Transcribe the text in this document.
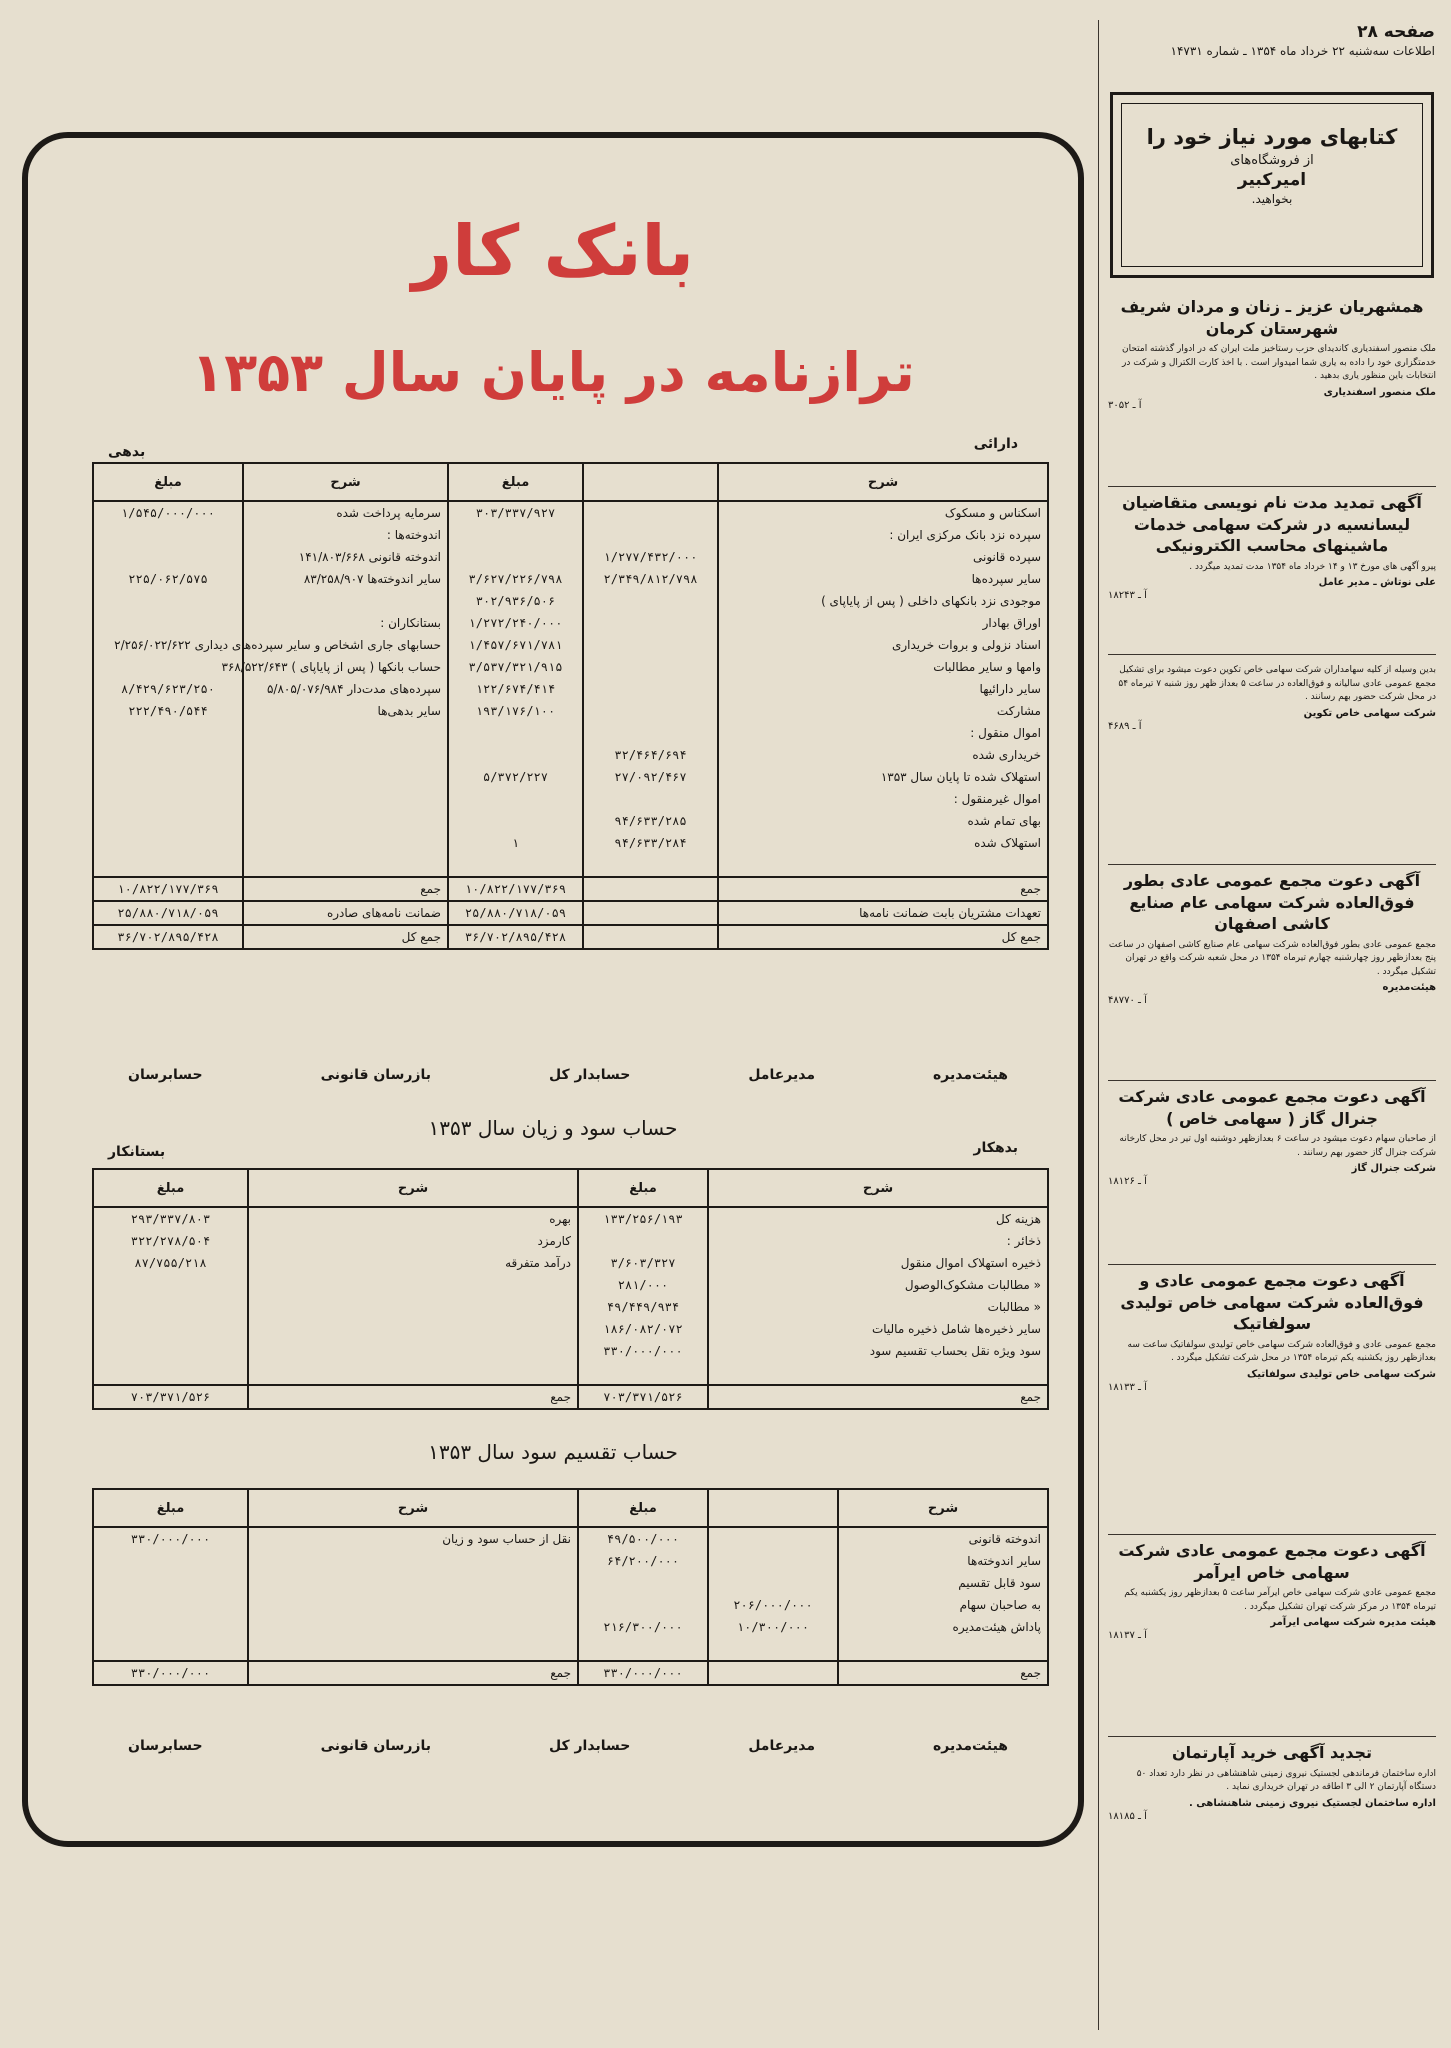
صفحه ۲۸
اطلاعات سه‌شنبه ۲۲ خرداد ماه ۱۳۵۴ ـ شماره ۱۴۷۳۱
بانک کار
ترازنامه در پایان سال ۱۳۵۳
دارائی
بدهی
شرح		مبلغ	شرح	مبلغ
اسکناس و مسکوک		۳۰۳/۳۳۷/۹۲۷	سرمایه پرداخت شده	۱/۵۴۵/۰۰۰/۰۰۰
سپرده نزد بانک مرکزی ایران :			اندوخته‌ها :	
سپرده قانونی	۱/۲۷۷/۴۳۲/۰۰۰		اندوخته قانونی ۱۴۱/۸۰۳/۶۶۸	
سایر سپرده‌ها	۲/۳۴۹/۸۱۲/۷۹۸	۳/۶۲۷/۲۲۶/۷۹۸	سایر اندوخته‌ها ۸۳/۲۵۸/۹۰۷	۲۲۵/۰۶۲/۵۷۵
موجودی نزد بانکهای داخلی ( پس از پایاپای )		۳۰۲/۹۳۶/۵۰۶		
اوراق بهادار		۱/۲۷۲/۲۴۰/۰۰۰	بستانکاران :	
اسناد نزولی و بروات خریداری		۱/۴۵۷/۶۷۱/۷۸۱	حسابهای جاری اشخاص و سایر سپرده‌های دیداری ۲/۲۵۶/۰۲۲/۶۲۲	
وامها و سایر مطالبات		۳/۵۳۷/۳۲۱/۹۱۵	حساب بانکها ( پس از پایاپای ) ۳۶۸/۵۲۲/۶۴۳	
سایر دارائیها		۱۲۲/۶۷۴/۴۱۴	سپرده‌های مدت‌دار ۵/۸۰۵/۰۷۶/۹۸۴	۸/۴۲۹/۶۲۳/۲۵۰
مشارکت		۱۹۳/۱۷۶/۱۰۰	سایر بدهی‌ها	۲۲۲/۴۹۰/۵۴۴
اموال منقول :				
خریداری شده	۳۲/۴۶۴/۶۹۴			
استهلاک شده تا پایان سال ۱۳۵۳	۲۷/۰۹۲/۴۶۷	۵/۳۷۲/۲۲۷		
اموال غیرمنقول :				
بهای تمام شده	۹۴/۶۳۳/۲۸۵			
استهلاک شده	۹۴/۶۳۳/۲۸۴	۱		

جمع		۱۰/۸۲۲/۱۷۷/۳۶۹	جمع	۱۰/۸۲۲/۱۷۷/۳۶۹
تعهدات مشتریان بابت ضمانت نامه‌ها		۲۵/۸۸۰/۷۱۸/۰۵۹	ضمانت نامه‌های صادره	۲۵/۸۸۰/۷۱۸/۰۵۹
جمع کل		۳۶/۷۰۲/۸۹۵/۴۲۸	جمع کل	۳۶/۷۰۲/۸۹۵/۴۲۸
هیئت‌مدیره
مدیرعامل
حسابدار کل
بازرسان قانونی
حسابرسان
حساب سود و زیان سال ۱۳۵۳
بدهکار
بستانکار
شرح	مبلغ	شرح	مبلغ
هزینه‌ کل	۱۳۳/۲۵۶/۱۹۳	بهره	۲۹۳/۳۳۷/۸۰۳
ذخائر :		کارمزد	۳۲۲/۲۷۸/۵۰۴
ذخیره استهلاک اموال منقول	۳/۶۰۳/۳۲۷	درآمد متفرقه	۸۷/۷۵۵/۲۱۸
« مطالبات مشکوک‌الوصول	۲۸۱/۰۰۰		
« مطالبات	۴۹/۴۴۹/۹۳۴		
سایر ذخیره‌ها شامل ذخیره مالیات	۱۸۶/۰۸۲/۰۷۲		
سود ویژه نقل بحساب تقسیم سود	۳۳۰/۰۰۰/۰۰۰		

جمع	۷۰۳/۳۷۱/۵۲۶	جمع	۷۰۳/۳۷۱/۵۲۶
حساب تقسیم سود سال ۱۳۵۳
شرح		مبلغ	شرح	مبلغ
اندوخته قانونی		۴۹/۵۰۰/۰۰۰	نقل از حساب سود و زیان	۳۳۰/۰۰۰/۰۰۰
سایر اندوخته‌ها		۶۴/۲۰۰/۰۰۰		
سود قابل تقسیم				
به صاحبان سهام	۲۰۶/۰۰۰/۰۰۰			
پاداش هیئت‌مدیره	۱۰/۳۰۰/۰۰۰	۲۱۶/۳۰۰/۰۰۰		

جمع		۳۳۰/۰۰۰/۰۰۰	جمع	۳۳۰/۰۰۰/۰۰۰
هیئت‌مدیره
مدیرعامل
حسابدار کل
بازرسان قانونی
حسابرسان
کتابهای مورد نیاز خود را
از فروشگاه‌های
امیرکبیر
بخواهید.
همشهریان عزیز ـ زنان و مردان شریف شهرستان کرمان
ملک منصور اسفندیاری کاندیدای حزب رستاخیز ملت ایران که در ادوار گذشته امتحان خدمتگزاری خود را داده به یاری شما امیدوار است . با اخذ کارت الکترال و شرکت در انتخابات باین منظور یاری بدهید .
ملک منصور اسفندیاری
آ ـ ۳۰۵۲
آگهی تمدید مدت نام نویسی متقاضیان لیسانسیه در شرکت سهامی خدمات ماشینهای محاسب الکترونیکی
پیرو آگهی های مورخ ۱۳ و ۱۴ خرداد ماه ۱۳۵۴ مدت تمدید میگردد .
علی نوتاش ـ مدیر عامل
آ ـ ۱۸۲۴۳
بدین وسیله از کلیه سهامداران شرکت سهامی خاص تکوین دعوت میشود برای تشکیل مجمع عمومی عادی سالیانه و فوق‌العاده در ساعت ۵ بعداز ظهر روز شنبه ۷ تیرماه ۵۴ در محل شرکت حضور بهم رسانند .
شرکت سهامی خاص تکوین
آ ـ ۴۶۸۹
آگهی دعوت مجمع عمومی عادی بطور فوق‌العاده شرکت سهامی عام صنایع کاشی اصفهان
مجمع عمومی عادی بطور فوق‌العاده شرکت سهامی عام صنایع کاشی اصفهان در ساعت پنج بعدازظهر روز چهارشنبه چهارم تیرماه ۱۳۵۴ در محل شعبه شرکت واقع در تهران تشکیل میگردد .
هیئت‌مدیره
آ ـ ۴۸۷۷۰
آگهی دعوت مجمع عمومی عادی شرکت جنرال گاز ( سهامی خاص )
از صاحبان سهام دعوت میشود در ساعت ۶ بعدازظهر دوشنبه اول تیر در محل کارخانه شرکت جنرال گاز حضور بهم رسانند .
شرکت جنرال گاز
آ ـ ۱۸۱۲۶
آگهی دعوت مجمع عمومی عادی و فوق‌العاده شرکت سهامی خاص تولیدی سولفاتیک
مجمع عمومی عادی و فوق‌العاده شرکت سهامی خاص تولیدی سولفاتیک ساعت سه بعدازظهر روز یکشنبه یکم تیرماه ۱۳۵۴ در محل شرکت تشکیل میگردد .
شرکت سهامی خاص تولیدی سولفاتیک
آ ـ ۱۸۱۳۳
آگهی دعوت مجمع عمومی عادی شرکت سهامی خاص ایرآمر
مجمع عمومی عادی شرکت سهامی خاص ایرآمر ساعت ۵ بعدازظهر روز یکشنبه یکم تیرماه ۱۳۵۴ در مرکز شرکت تهران تشکیل میگردد .
هیئت مدیره شرکت سهامی ایرآمر
آ ـ ۱۸۱۳۷
تجدید آگهی خرید آپارتمان
اداره ساختمان فرماندهی لجستیک نیروی زمینی شاهنشاهی در نظر دارد تعداد ۵۰ دستگاه آپارتمان ۲ الی ۳ اطاقه در تهران خریداری نماید .
اداره ساختمان لجستیک نیروی زمینی شاهنشاهی .
آ ـ ۱۸۱۸۵
